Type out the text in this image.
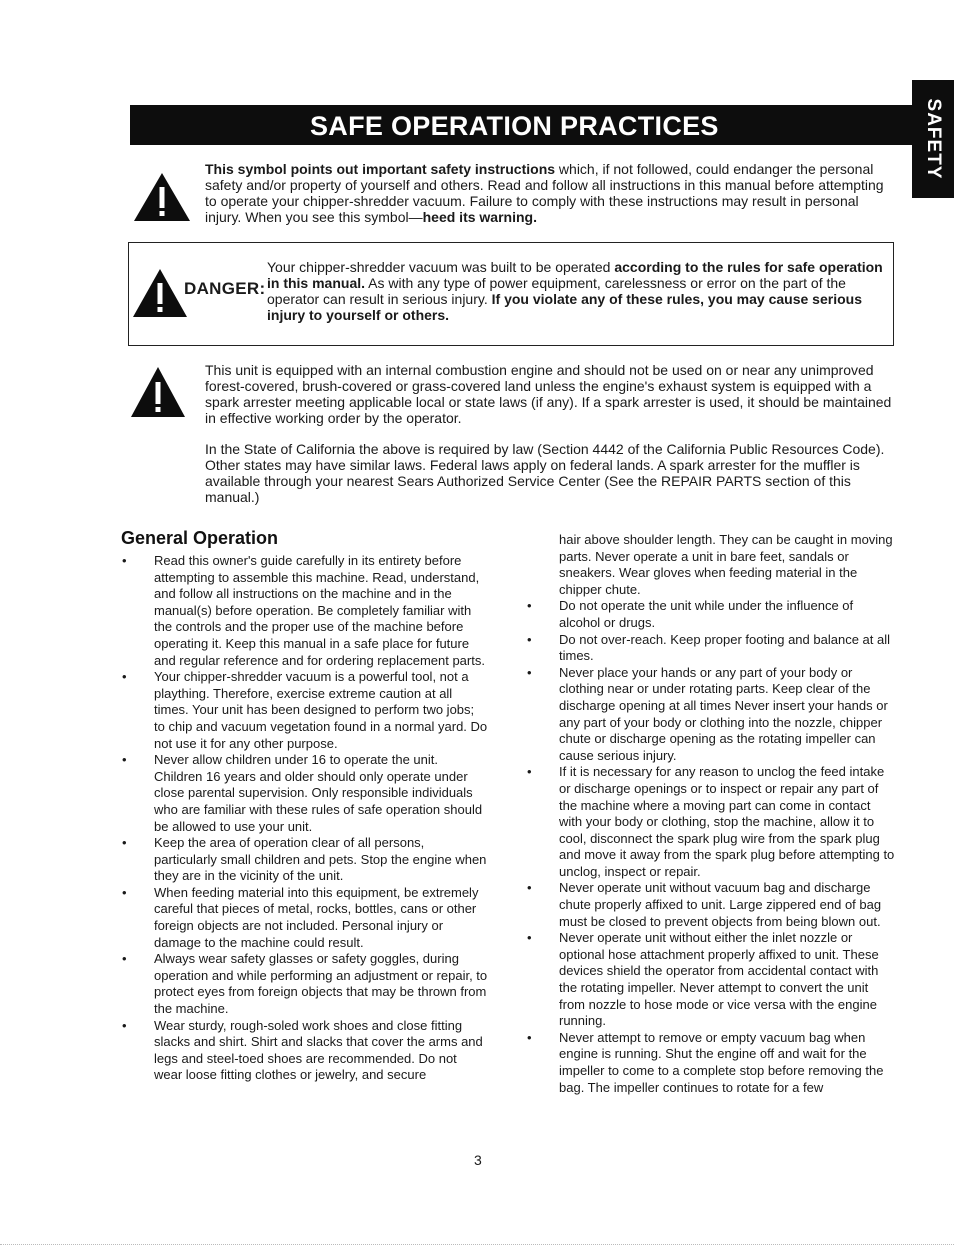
SAFE OPERATION PRACTICES	SAFETY
This symbol points out important safety instructions which, if not followed, could endanger the personal safety and/or property of yourself and others. Read and follow all instructions in this manual before attempting to operate your chipper-shredder vacuum. Failure to comply with these instructions may result in personal injury. When you see this symbol—heed its warning.
DANGER:
Your chipper-shredder vacuum was built to be operated according to the rules for safe operation in this manual. As with any type of power equipment, carelessness or error on the part of the operator can result in serious injury. If you violate any of these rules, you may cause serious injury to yourself or others.
This unit is equipped with an internal combustion engine and should not be used on or near any unimproved forest-covered, brush-covered or grass-covered land unless the engine's exhaust system is equipped with a spark arrester meeting applicable local or state laws (if any). If a spark arrester is used, it should be maintained in effective working order by the operator.
In the State of California the above is required by law (Section 4442 of the California Public Resources Code). Other states may have similar laws. Federal laws apply on federal lands. A spark arrester for the muffler is available through your nearest Sears Authorized Service Center (See the REPAIR PARTS section of this manual.)
General Operation
• Read this owner's guide carefully in its entirety before attempting to assemble this machine. Read, understand, and follow all instructions on the machine and in the manual(s) before operation. Be completely familiar with the controls and the proper use of the machine before operating it. Keep this manual in a safe place for future and regular reference and for ordering replacement parts.
• Your chipper-shredder vacuum is a powerful tool, not a plaything. Therefore, exercise extreme caution at all times. Your unit has been designed to perform two jobs; to chip and vacuum vegetation found in a normal yard. Do not use it for any other purpose.
• Never allow children under 16 to operate the unit. Children 16 years and older should only operate under close parental supervision. Only responsible individuals who are familiar with these rules of safe operation should be allowed to use your unit.
• Keep the area of operation clear of all persons, particularly small children and pets. Stop the engine when they are in the vicinity of the unit.
• When feeding material into this equipment, be extremely careful that pieces of metal, rocks, bottles, cans or other foreign objects are not included. Personal injury or damage to the machine could result.
• Always wear safety glasses or safety goggles, during operation and while performing an adjustment or repair, to protect eyes from foreign objects that may be thrown from the machine.
• Wear sturdy, rough-soled work shoes and close fitting slacks and shirt. Shirt and slacks that cover the arms and legs and steel-toed shoes are recommended. Do not wear loose fitting clothes or jewelry, and secure
hair above shoulder length. They can be caught in moving parts. Never operate a unit in bare feet, sandals or sneakers. Wear gloves when feeding material in the chipper chute.
• Do not operate the unit while under the influence of alcohol or drugs.
• Do not over-reach. Keep proper footing and balance at all times.
• Never place your hands or any part of your body or clothing near or under rotating parts. Keep clear of the discharge opening at all times Never insert your hands or any part of your body or clothing into the nozzle, chipper chute or discharge opening as the rotating impeller can cause serious injury.
• If it is necessary for any reason to unclog the feed intake or discharge openings or to inspect or repair any part of the machine where a moving part can come in contact with your body or clothing, stop the machine, allow it to cool, disconnect the spark plug wire from the spark plug and move it away from the spark plug before attempting to unclog, inspect or repair.
• Never operate unit without vacuum bag and discharge chute properly affixed to unit. Large zippered end of bag must be closed to prevent objects from being blown out.
• Never operate unit without either the inlet nozzle or optional hose attachment properly affixed to unit. These devices shield the operator from accidental contact with the rotating impeller. Never attempt to convert the unit from nozzle to hose mode or vice versa with the engine running.
• Never attempt to remove or empty vacuum bag when engine is running. Shut the engine off and wait for the impeller to come to a complete stop before removing the bag. The impeller continues to rotate for a few
3
